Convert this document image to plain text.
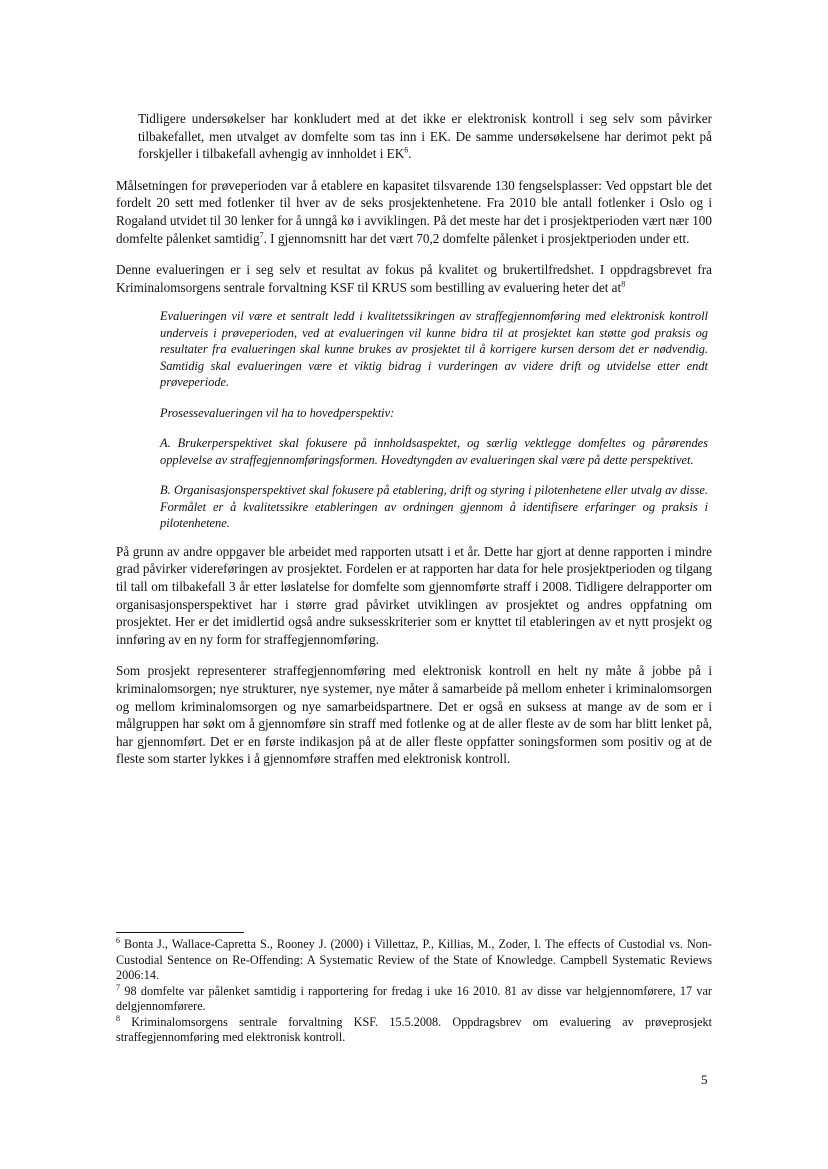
Tidligere undersøkelser har konkludert med at det ikke er elektronisk kontroll i seg selv som påvirker tilbakefallet, men utvalget av domfelte som tas inn i EK. De samme undersøkelsene har derimot pekt på forskjeller i tilbakefall avhengig av innholdet i $EK^6$.

Målsetningen for prøveperioden var å etablere en kapasitet tilsvarende 130 fengselsplasser: Ved oppstart ble det fordelt 20 sett med fotlenker til hver av de seks prosjektenhetene. Fra 2010 ble antall fotlenker i Oslo og i Rogaland utvidet til 30 lenker for å unngå kø i avviklingen. På det meste har det i prosjektperioden vært nær 100 domfelte pålenket samtidig$^7$. I gjennomsnitt har det vært 70,2 domfelte pålenket i prosjektperioden under ett.

Denne evalueringen er i seg selv et resultat av fokus på kvalitet og brukertilfredshet. I oppdragsbrevet fra Kriminalomsorgens sentrale forvaltning KSF til KRUS som bestilling av evaluering heter $\det at^8$

Evalueringen vil være et sentralt ledd i kvalitetssikringen av straffegjennomføring med elektronisk kontroll underveis i prøveperioden, ved at evalueringen vil kunne bidra til at prosjektet kan støtte god praksis og resultater fra evalueringen skal kunne brukes av prosjektet til å korrigere kursen dersom det er nødvendig. Samtidig skal evalueringen være et viktig bidrag i vurderingen av videre drift og utvidelse etter endt prøveperiode.

Prosessevalueringen vil ha to hovedperspektiv:

A. Brukerperspektivet skal fokusere på innholdsaspektet, og særlig vektlegge domfeltes og pårørendes opplevelse av straffegjennomføringsformen. Hovedtyngden av evalueringen skal være på dette perspektivet.

B. Organisasjonsperspektivet skal fokusere på etablering, drift og styring i pilotenhetene eller utvalg av disse. Formålet er å kvalitetssikre etableringen av ordningen gjennom å identifisere erfaringer og praksis i pilotenhetene.

På grunn av andre oppgaver ble arbeidet med rapporten utsatt i et år. Dette har gjort at denne rapporten i mindre grad påvirker videreføringen av prosjektet. Fordelen er at rapporten har data for hele prosjektperioden og tilgang til tall om tilbakefall 3 år etter løslatelse for domfelte som gjennomførte straff i 2008. Tidligere delrapporter om organisasjonsperspektivet har i større grad påvirket utviklingen av prosjektet og andres oppfatning om prosjektet. Her er det imidlertid også andre suksesskriterier som er knyttet til etableringen av et nytt prosjekt og innføring av en ny form for straffegjennomføring.

Som prosjekt representerer straffegjennomføring med elektronisk kontroll en helt ny måte å jobbe på i kriminalomsorgen; nye strukturer, nye systemer, nye måter å samarbeide på mellom enheter i kriminalomsorgen og mellom kriminalomsorgen og nye samarbeidspartnere. Det er også en suksess at mange av de som er i målgruppen har søkt om å gjennomføre sin straff med fotlenke og at de aller fleste av de som har blitt lenket på, har gjennomført. Det er en første indikasjon på at de aller fleste oppfatter soningsformen som positiv og at de fleste som starter lykkes i å gjennomføre straffen med elektronisk kontroll.

$^6$ Bonta J., Wallace-Capretta S., Rooney J. (2000) i Villettaz, P., Killias, M., Zoder, I. The effects of Custodial vs. Non-Custodial Sentence on Re-Offending: A Systematic Review of the State of Knowledge. Campbell Systematic Reviews 2006:14.

$^7$ 98 domfelte var pålenket samtidig i rapportering for fredag i uke 16 2010. 81 av disse var helgjennomførere, 17 var delgjennomførere.

$^8$ Kriminalomsorgens sentrale forvaltning KSF. 15.5.2008. Oppdragsbrev om evaluering av prøveprosjekt straffegjennomføring med elektronisk kontroll.

5
